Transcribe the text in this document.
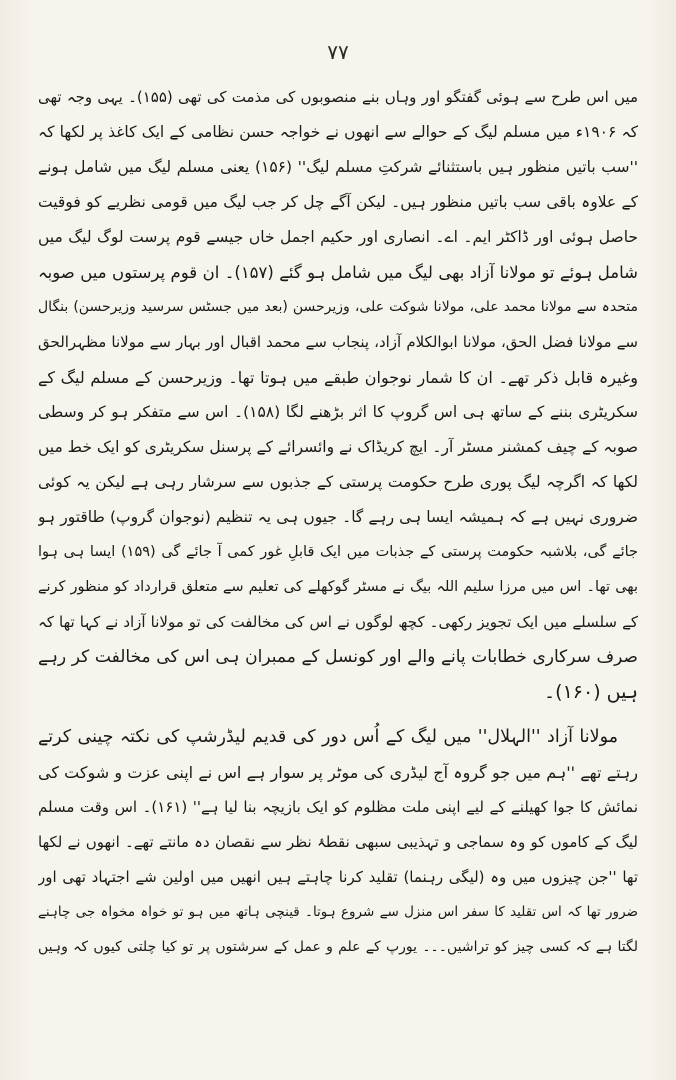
۷۷
میں اس طرح سے ہوئی گفتگو اور وہاں بنے منصوبوں کی مذمت کی تھی (۱۵۵)۔ یہی وجہ تھی
کہ ۱۹۰۶ء میں مسلم لیگ کے حوالے سے انھوں نے خواجہ حسن نظامی کے ایک کاغذ پر لکھا کہ
''سب باتیں منظور ہیں باستثنائے شرکتِ مسلم لیگ'' (۱۵۶) یعنی مسلم لیگ میں شامل ہونے
کے علاوہ باقی سب باتیں منظور ہیں۔ لیکن آگے چل کر جب لیگ میں قومی نظریے کو فوقیت
حاصل ہوئی اور ڈاکٹر ایم۔ اے۔ انصاری اور حکیم اجمل خاں جیسے قوم پرست لوگ لیگ میں
شامل ہوئے تو مولانا آزاد بھی لیگ میں شامل ہو گئے (۱۵۷)۔ ان قوم پرستوں میں صوبہ
متحدہ سے مولانا محمد علی، مولانا شوکت علی، وزیرحسن (بعد میں جسٹس سرسید وزیرحسن) بنگال
سے مولانا فضل الحق، مولانا ابوالکلام آزاد، پنجاب سے محمد اقبال اور بہار سے مولانا مظہرالحق
وغیرہ قابل ذکر تھے۔ ان کا شمار نوجوان طبقے میں ہوتا تھا۔ وزیرحسن کے مسلم لیگ کے
سکریٹری بننے کے ساتھ ہی اس گروپ کا اثر بڑھنے لگا (۱۵۸)۔ اس سے متفکر ہو کر وسطی
صوبہ کے چیف کمشنر مسٹر آر۔ ایچ کریڈاک نے وائسرائے کے پرسنل سکریٹری کو ایک خط میں
لکھا کہ اگرچہ لیگ پوری طرح حکومت پرستی کے جذبوں سے سرشار رہی ہے لیکن یہ کوئی
ضروری نہیں ہے کہ ہمیشہ ایسا ہی رہے گا۔ جیوں ہی یہ تنظیم (نوجوان گروپ) طاقتور ہو
جائے گی، بلاشبہ حکومت پرستی کے جذبات میں ایک قابلِ غور کمی آ جائے گی (۱۵۹) ایسا ہی ہوا
بھی تھا۔ اس میں مرزا سلیم اللہ بیگ نے مسٹر گوکھلے کی تعلیم سے متعلق قرارداد کو منظور کرنے
کے سلسلے میں ایک تجویز رکھی۔ کچھ لوگوں نے اس کی مخالفت کی تو مولانا آزاد نے کہا تھا کہ
صرف سرکاری خطابات پانے والے اور کونسل کے ممبران ہی اس کی مخالفت کر رہے
ہیں (۱۶۰)۔
مولانا آزاد ''الہلال'' میں لیگ کے اُس دور کی قدیم لیڈرشپ کی نکتہ چینی کرتے
رہتے تھے ''ہم میں جو گروہ آج لیڈری کی موٹر پر سوار ہے اس نے اپنی عزت و شوکت کی
نمائش کا جوا کھیلنے کے لیے اپنی ملت مظلوم کو ایک بازیچہ بنا لیا ہے'' (۱۶۱)۔ اس وقت مسلم
لیگ کے کاموں کو وہ سماجی و تہذیبی سبھی نقطۂ نظر سے نقصان دہ مانتے تھے۔ انھوں نے لکھا
تھا ''جن چیزوں میں وہ (لیگی رہنما) تقلید کرنا چاہتے ہیں انھیں میں اولین شے اجتہاد تھی اور
ضرور تھا کہ اس تقلید کا سفر اس منزل سے شروع ہوتا۔ قینچی ہاتھ میں ہو تو خواہ مخواہ جی چاہنے
لگتا ہے کہ کسی چیز کو تراشیں۔۔۔ یورپ کے علم و عمل کے سرشتوں پر تو کیا چلتی کیوں کہ وہیں
